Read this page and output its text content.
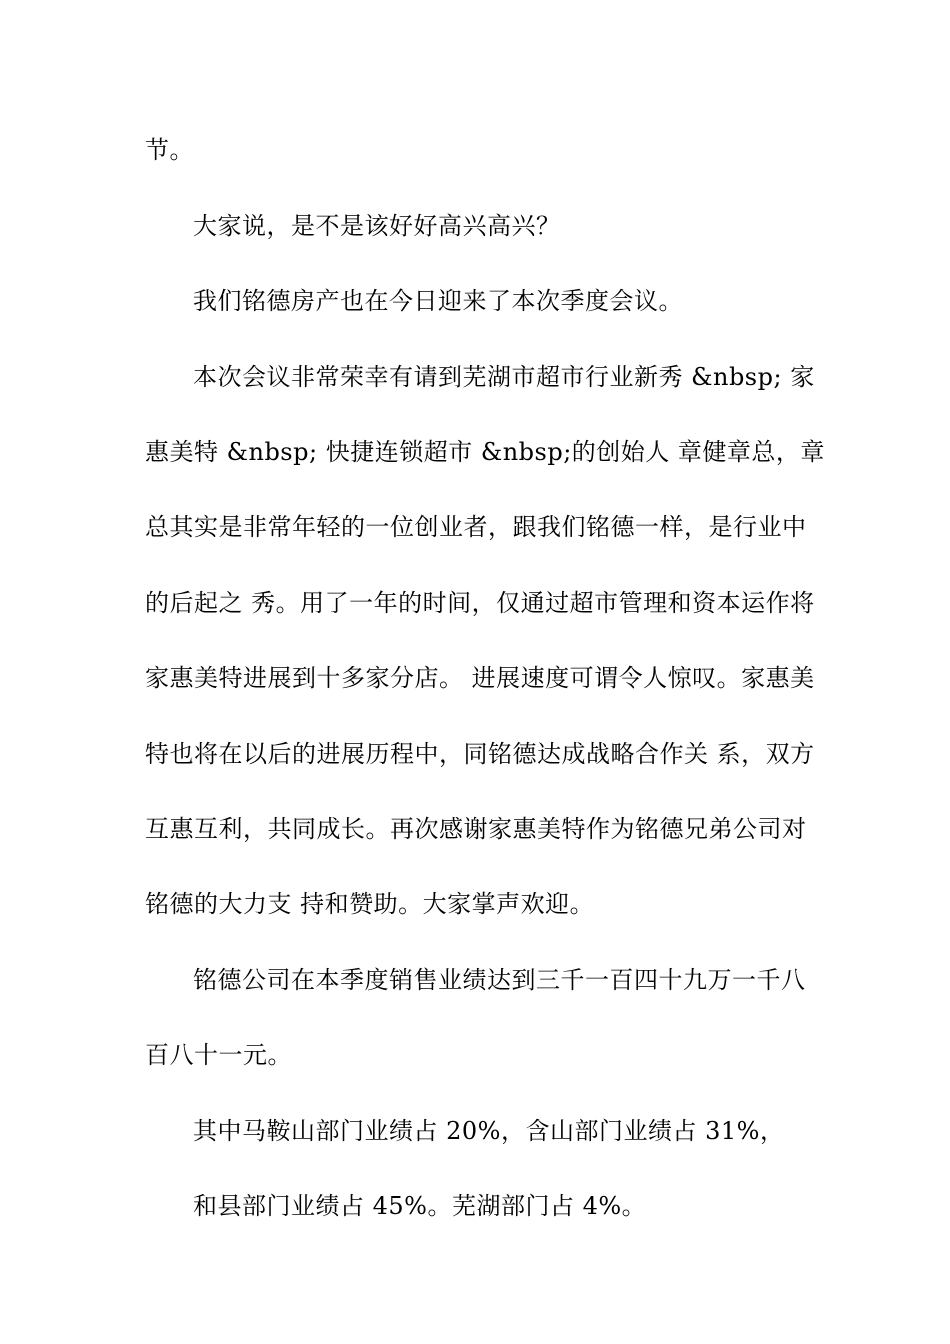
节。
大家说，是不是该好好高兴高兴？
我们铭德房产也在今日迎来了本次季度会议。
本次会议非常荣幸有请到芜湖市超市行业新秀 &nbsp; 家
惠美特 &nbsp; 快捷连锁超市 &nbsp;的创始人 章健章总，章
总其实是非常年轻的一位创业者，跟我们铭德一样，是行业中
的后起之 秀。用了一年的时间，仅通过超市管理和资本运作将
家惠美特进展到十多家分店。 进展速度可谓令人惊叹。家惠美
特也将在以后的进展历程中，同铭德达成战略合作关 系，双方
互惠互利，共同成长。再次感谢家惠美特作为铭德兄弟公司对
铭德的大力支 持和赞助。大家掌声欢迎。
铭德公司在本季度销售业绩达到三千一百四十九万一千八
百八十一元。
其中马鞍山部门业绩占 20%，含山部门业绩占 31%，
和县部门业绩占 45%。芜湖部门占 4%。
